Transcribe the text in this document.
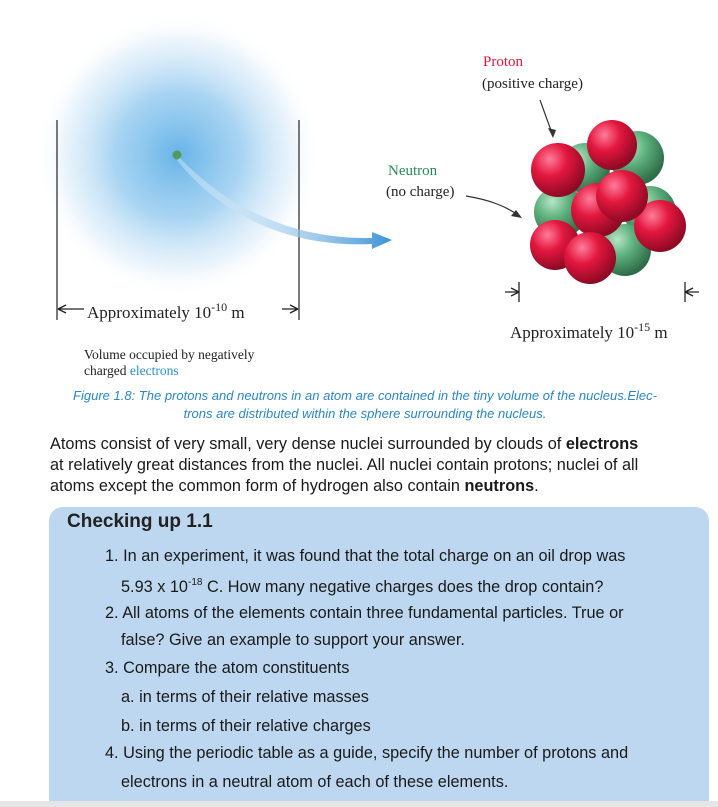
Proton
(positive charge)
Neutron
(no charge)
Approximately $10^{-10}$ m
Approximately $10^{-15}$ m
Volume occupied by negatively
charged electrons
Figure 1.8: The protons and neutrons in an atom are contained in the tiny volume of the nucleus.Elec-
trons are distributed within the sphere surrounding the nucleus.
Atoms consist of very small, very dense nuclei surrounded by clouds of electrons
at relatively great distances from the nuclei. All nuclei contain protons; nuclei of all
atoms except the common form of hydrogen also contain neutrons.
Checking up 1.1
1. In an experiment, it was found that the total charge on an oil drop was
5.93 x $10^{-18}$ C. How many negative charges does the drop contain?
2. All atoms of the elements contain three fundamental particles. True or
false? Give an example to support your answer.
3. Compare the atom constituents
a. in terms of their relative masses
b. in terms of their relative charges
4. Using the periodic table as a guide, specify the number of protons and
electrons in a neutral atom of each of these elements.
